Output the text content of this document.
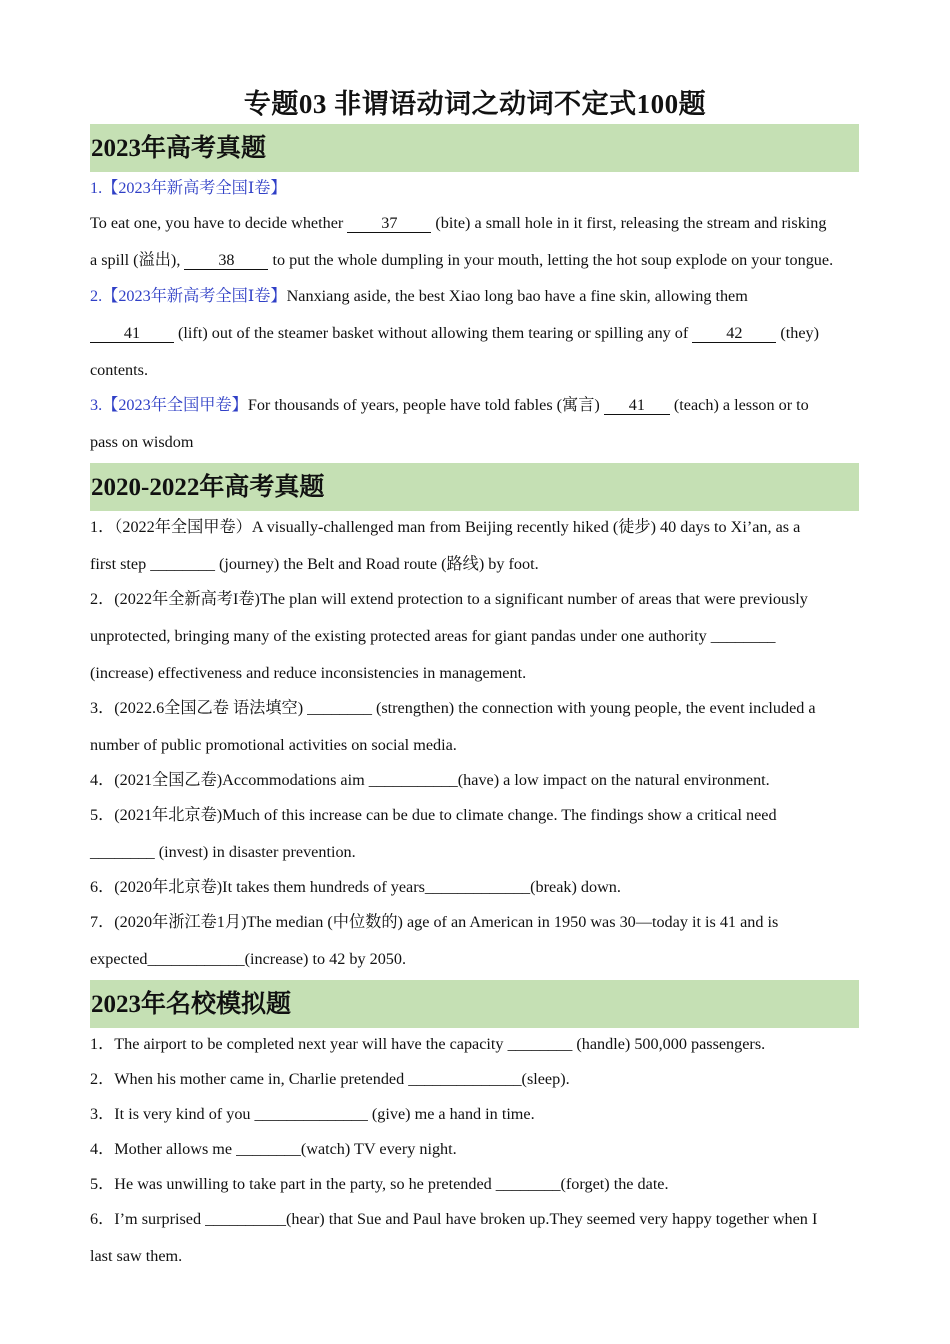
专题03 非谓语动词之动词不定式100题
2023年高考真题
1.【2023年新高考全国Ⅰ卷】
To eat one, you have to decide whether 37 (bite) a small hole in it first, releasing the stream and risking
a spill (溢出), 38 to put the whole dumpling in your mouth, letting the hot soup explode on your tongue.
2.【2023年新高考全国Ⅰ卷】Nanxiang aside, the best Xiao long bao have a fine skin, allowing them
41 (lift) out of the steamer basket without allowing them tearing or spilling any of 42 (they)
contents.
3.【2023年全国甲卷】For thousands of years, people have told fables (寓言) 41 (teach) a lesson or to
pass on wisdom
2020-2022年高考真题
1．（2022年全国甲卷）A visually-challenged man from Beijing recently hiked (徒步) 40 days to Xi’an, as a
first step ________ (journey) the Belt and Road route (路线) by foot.
2．(2022年全新高考I卷)The plan will extend protection to a significant number of areas that were previously
unprotected, bringing many of the existing protected areas for giant pandas under one authority ________
(increase) effectiveness and reduce inconsistencies in management.
3．(2022.6全国乙卷 语法填空) ________ (strengthen) the connection with young people, the event included a
number of public promotional activities on social media.
4．(2021全国乙卷)Accommodations aim ___________(have) a low impact on the natural environment.
5．(2021年北京卷)Much of this increase can be due to climate change. The findings show a critical need
________ (invest) in disaster prevention.
6．(2020年北京卷)It takes them hundreds of years_____________(break) down.
7．(2020年浙江卷1月)The median (中位数的) age of an American in 1950 was 30—today it is 41 and is
expected____________(increase) to 42 by 2050.
2023年名校模拟题
1．The airport to be completed next year will have the capacity ________ (handle) 500,000 passengers.
2．When his mother came in, Charlie pretended ______________(sleep).
3．It is very kind of you ______________ (give) me a hand in time.
4．Mother allows me ________(watch) TV every night.
5．He was unwilling to take part in the party, so he pretended ________(forget) the date.
6．I’m surprised __________(hear) that Sue and Paul have broken up.They seemed very happy together when I
last saw them.
